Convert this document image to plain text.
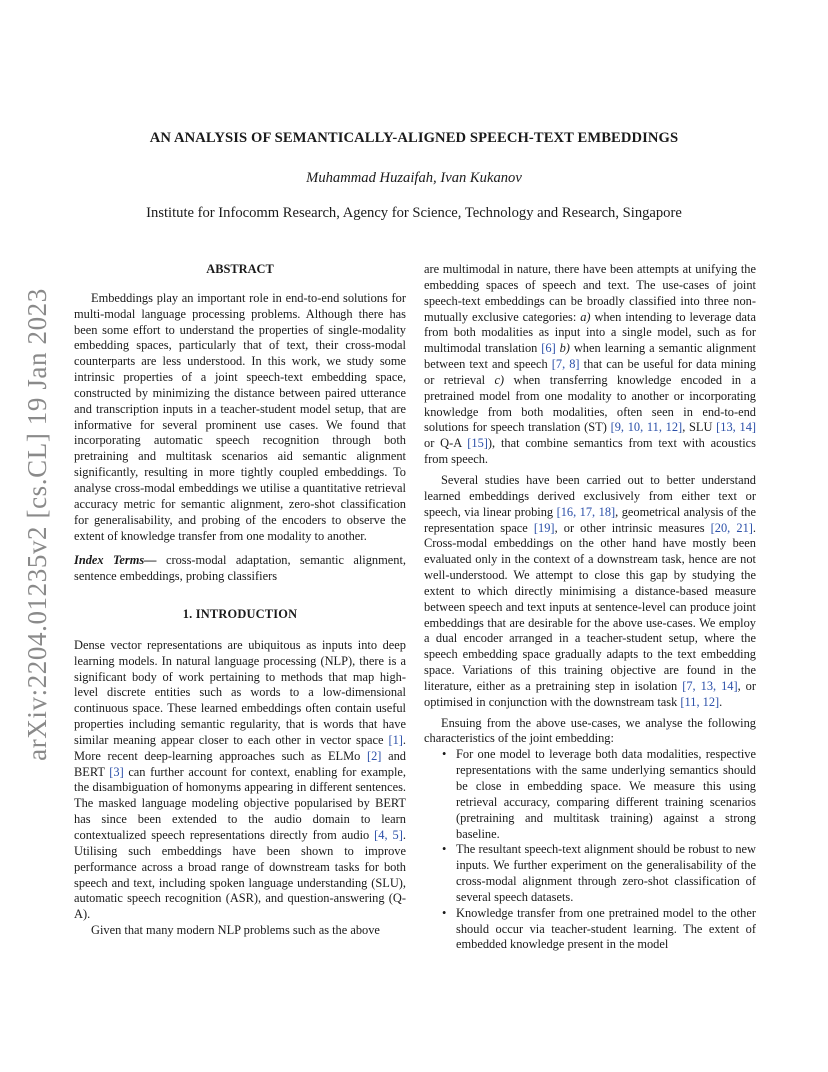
arXiv:2204.01235v2 [cs.CL] 19 Jan 2023
AN ANALYSIS OF SEMANTICALLY-ALIGNED SPEECH-TEXT EMBEDDINGS
Muhammad Huzaifah, Ivan Kukanov
Institute for Infocomm Research, Agency for Science, Technology and Research, Singapore
ABSTRACT

Embeddings play an important role in end-to-end solutions for multi-modal language processing problems. Although there has been some effort to understand the properties of single-modality embedding spaces, particularly that of text, their cross-modal counterparts are less understood. In this work, we study some intrinsic properties of a joint speech-text embedding space, constructed by minimizing the distance between paired utterance and transcription inputs in a teacher-student model setup, that are informative for several prominent use cases. We found that incorporating automatic speech recognition through both pretraining and multitask scenarios aid semantic alignment significantly, resulting in more tightly coupled embeddings. To analyse cross-modal embeddings we utilise a quantitative retrieval accuracy metric for semantic alignment, zero-shot classification for generalisability, and probing of the encoders to observe the extent of knowledge transfer from one modality to another.

Index Terms— cross-modal adaptation, semantic alignment, sentence embeddings, probing classifiers

1. INTRODUCTION

Dense vector representations are ubiquitous as inputs into deep learning models. In natural language processing (NLP), there is a significant body of work pertaining to methods that map high-level discrete entities such as words to a low-dimensional continuous space. These learned embeddings often contain useful properties including semantic regularity, that is words that have similar meaning appear closer to each other in vector space [1]. More recent deep-learning approaches such as ELMo [2] and BERT [3] can further account for context, enabling for example, the disambiguation of homonyms appearing in different sentences. The masked language modeling objective popularised by BERT has since been extended to the audio domain to learn contextualized speech representations directly from audio [4, 5]. Utilising such embeddings have been shown to improve performance across a broad range of downstream tasks for both speech and text, including spoken language understanding (SLU), automatic speech recognition (ASR), and question-answering (Q-A).

Given that many modern NLP problems such as the above

are multimodal in nature, there have been attempts at unifying the embedding spaces of speech and text. The use-cases of joint speech-text embeddings can be broadly classified into three non-mutually exclusive categories: a) when intending to leverage data from both modalities as input into a single model, such as for multimodal translation [6] b) when learning a semantic alignment between text and speech [7, 8] that can be useful for data mining or retrieval c) when transferring knowledge encoded in a pretrained model from one modality to another or incorporating knowledge from both modalities, often seen in end-to-end solutions for speech translation (ST) [9, 10, 11, 12], SLU [13, 14] or Q-A [15]), that combine semantics from text with acoustics from speech.

Several studies have been carried out to better understand learned embeddings derived exclusively from either text or speech, via linear probing [16, 17, 18], geometrical analysis of the representation space [19], or other intrinsic measures [20, 21]. Cross-modal embeddings on the other hand have mostly been evaluated only in the context of a downstream task, hence are not well-understood. We attempt to close this gap by studying the extent to which directly minimising a distance-based measure between speech and text inputs at sentence-level can produce joint embeddings that are desirable for the above use-cases. We employ a dual encoder arranged in a teacher-student setup, where the speech embedding space gradually adapts to the text embedding space. Variations of this training objective are found in the literature, either as a pretraining step in isolation [7, 13, 14], or optimised in conjunction with the downstream task [11, 12].

Ensuing from the above use-cases, we analyse the following characteristics of the joint embedding:

• For one model to leverage both data modalities, respective representations with the same underlying semantics should be close in embedding space. We measure this using retrieval accuracy, comparing different training scenarios (pretraining and multitask training) against a strong baseline.
• The resultant speech-text alignment should be robust to new inputs. We further experiment on the generalisability of the cross-modal alignment through zero-shot classification of several speech datasets.
• Knowledge transfer from one pretrained model to the other should occur via teacher-student learning. The extent of embedded knowledge present in the model
